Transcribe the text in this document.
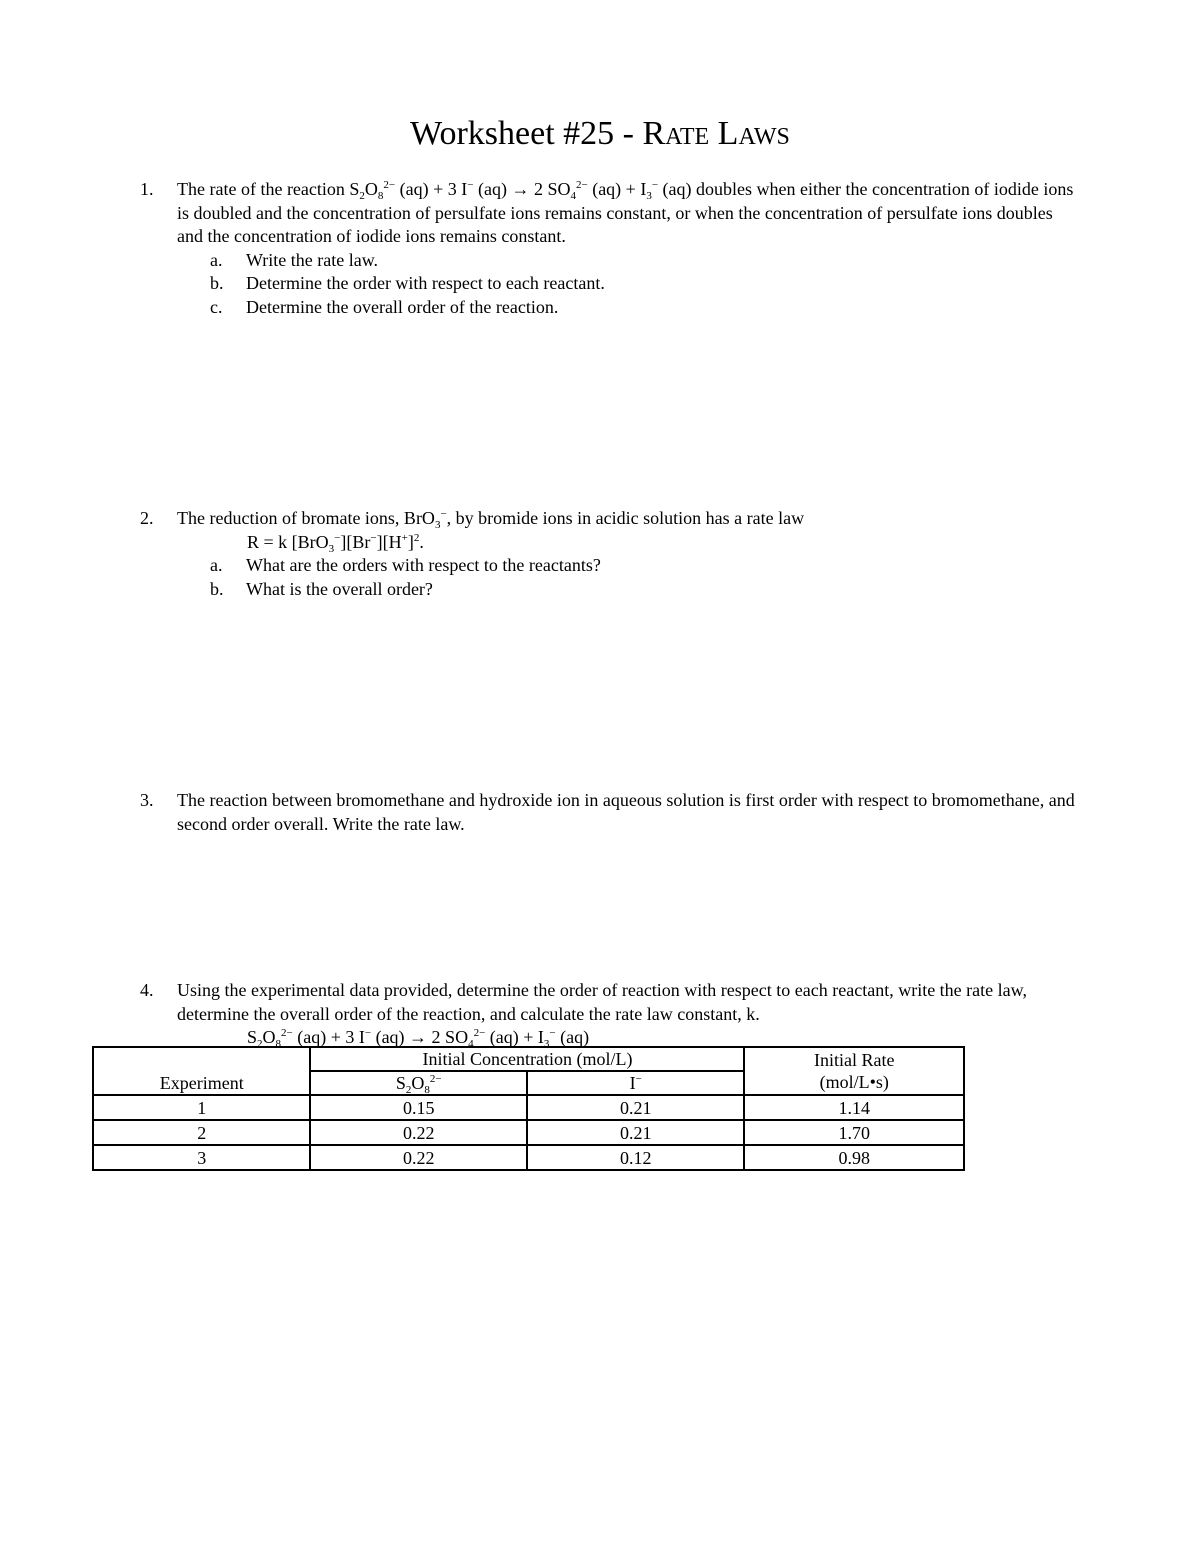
Worksheet #25 - RATE LAWS
1.	The rate of the reaction $S_2O_8^{2-}$ (aq) + 3 I− (aq) → 2 $SO_4^{2-}$ $(aq) + I_3^-$ (aq) doubles when either the concentration of iodide ions is doubled and the concentration of persulfate ions remains constant, or when the concentration of persulfate ions doubles and the concentration of iodide ions remains constant.
a.	Write the rate law.
b.	Determine the order with respect to each reactant.
c.	Determine the overall order of the reaction.
2.	The reduction of bromate ions, BrO$_3$−, by bromide ions in acidic solution has a rate law
R = k $[BrO_3^-][Br^-][H^+]^2$.
a.	What are the orders with respect to the reactants?
b.	What is the overall order?
3.	The reaction between bromomethane and hydroxide ion in aqueous solution is first order with respect to bromomethane, and second order overall. Write the rate law.
4.	Using the experimental data provided, determine the order of reaction with respect to each reactant, write the rate law, determine the overall order of the reaction, and calculate the rate law constant, k.
$S_2O_8^{2-}$ (aq) + 3 I− (aq) → 2 $SO_4^{2-}$ $(aq) + I_3^-$ (aq)
Experiment	Initial Concentration (mol/L)		Initial Rate
(mol/L•s)
	$S_2O_8^{2-}$	I−
1	0.15	0.21	1.14
2	0.22	0.21	1.70
3	0.22	0.12	0.98
